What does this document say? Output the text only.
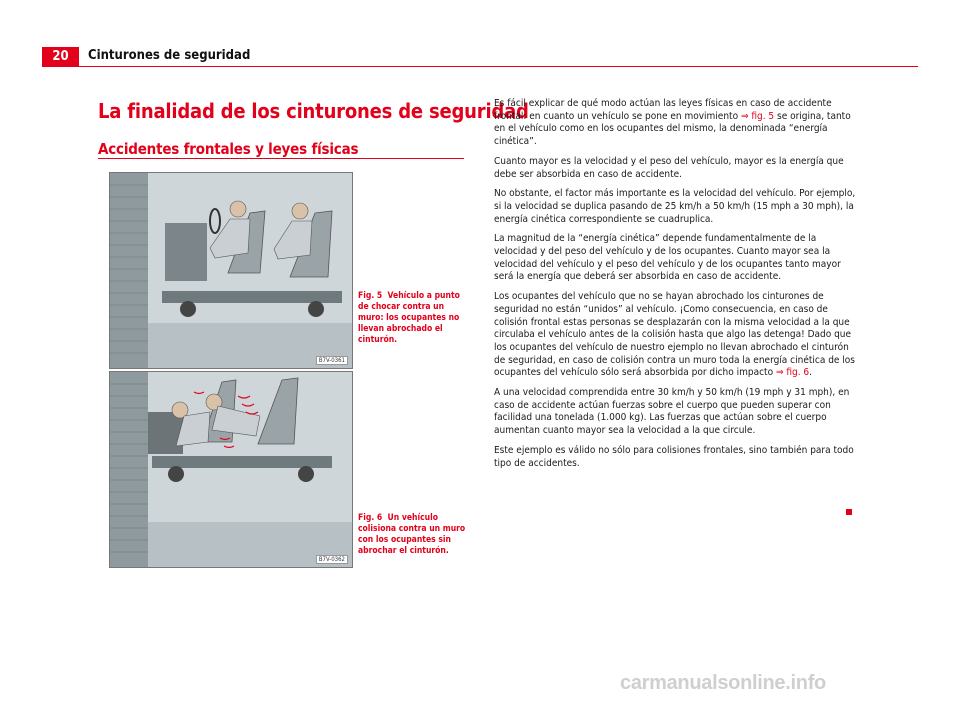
20	Cinturones de seguridad
La finalidad de los cinturones de seguridad
Accidentes frontales y leyes físicas
B7V-0361
Fig. 5 Vehículo a punto de chocar contra un muro: los ocupantes no llevan abrochado el cinturón.
B7V-0362
Fig. 6 Un vehículo colisiona contra un muro con los ocupantes sin abrochar el cinturón.

Es fácil explicar de qué modo actúan las leyes físicas en caso de accidente frontal: en cuanto un vehículo se pone en movimiento ⇒ fig. 5 se origina, tanto en el vehículo como en los ocupantes del mismo, la denominada “energía cinética”.

Cuanto mayor es la velocidad y el peso del vehículo, mayor es la energía que debe ser absorbida en caso de accidente.

No obstante, el factor más importante es la velocidad del vehículo. Por ejemplo, si la velocidad se duplica pasando de 25 km/h a 50 km/h (15 mph a 30 mph), la energía cinética correspondiente se cuadruplica.

La magnitud de la “energía cinética” depende fundamentalmente de la velocidad y del peso del vehículo y de los ocupantes. Cuanto mayor sea la velocidad del vehículo y el peso del vehículo y de los ocupantes tanto mayor será la energía que deberá ser absorbida en caso de accidente.

Los ocupantes del vehículo que no se hayan abrochado los cinturones de seguridad no están “unidos” al vehículo. ¡Como consecuencia, en caso de colisión frontal estas personas se desplazarán con la misma velocidad a la que circulaba el vehículo antes de la colisión hasta que algo las detenga! Dado que los ocupantes del vehículo de nuestro ejemplo no llevan abrochado el cinturón de seguridad, en caso de colisión contra un muro toda la energía cinética de los ocupantes del vehículo sólo será absorbida por dicho impacto ⇒ fig. 6.

A una velocidad comprendida entre 30 km/h y 50 km/h (19 mph y 31 mph), en caso de accidente actúan fuerzas sobre el cuerpo que pueden superar con facilidad una tonelada (1.000 kg). Las fuerzas que actúan sobre el cuerpo aumentan cuanto mayor sea la velocidad a la que circule.

Este ejemplo es válido no sólo para colisiones frontales, sino también para todo tipo de accidentes.

carmanualsonline.info
